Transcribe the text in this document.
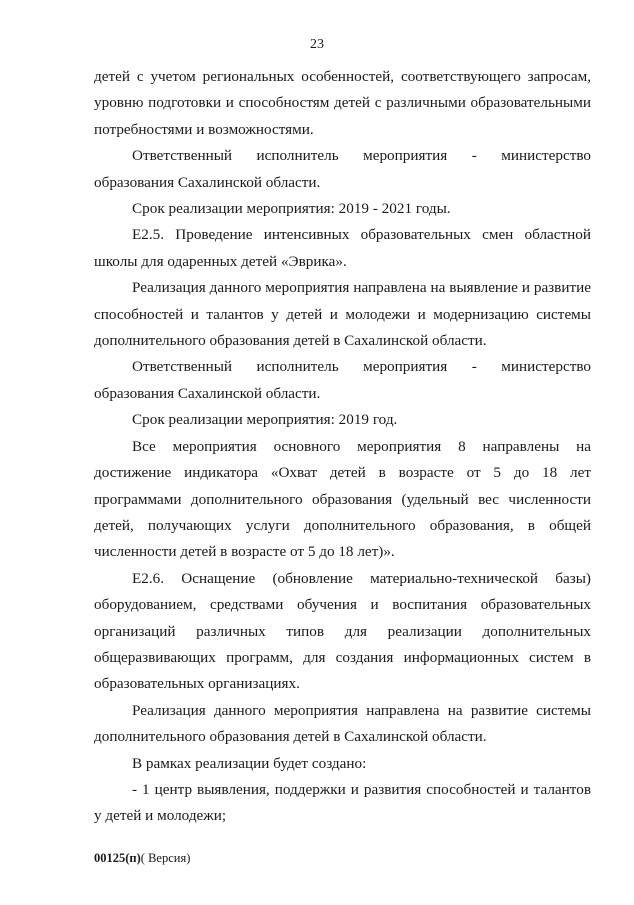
23

детей с учетом региональных особенностей, соответствующего запросам, уровню подготовки и способностям детей с различными образовательными потребностями и возможностями.

Ответственный исполнитель мероприятия - министерство образования Сахалинской области.

Срок реализации мероприятия: 2019 - 2021 годы.

Е2.5. Проведение интенсивных образовательных смен областной школы для одаренных детей «Эврика».

Реализация данного мероприятия направлена на выявление и развитие способностей и талантов у детей и молодежи и модернизацию системы дополнительного образования детей в Сахалинской области.

Ответственный исполнитель мероприятия - министерство образования Сахалинской области.

Срок реализации мероприятия: 2019 год.

Все мероприятия основного мероприятия 8 направлены на достижение индикатора «Охват детей в возрасте от 5 до 18 лет программами дополнительного образования (удельный вес численности детей, получающих услуги дополнительного образования, в общей численности детей в возрасте от 5 до 18 лет)».

Е2.6. Оснащение (обновление материально-технической базы) оборудованием, средствами обучения и воспитания образовательных организаций различных типов для реализации дополнительных общеразвивающих программ, для создания информационных систем в образовательных организациях.

Реализация данного мероприятия направлена на развитие системы дополнительного образования детей в Сахалинской области.

В рамках реализации будет создано:

- 1 центр выявления, поддержки и развития способностей и талантов у детей и молодежи;

00125(п)( Версия)
